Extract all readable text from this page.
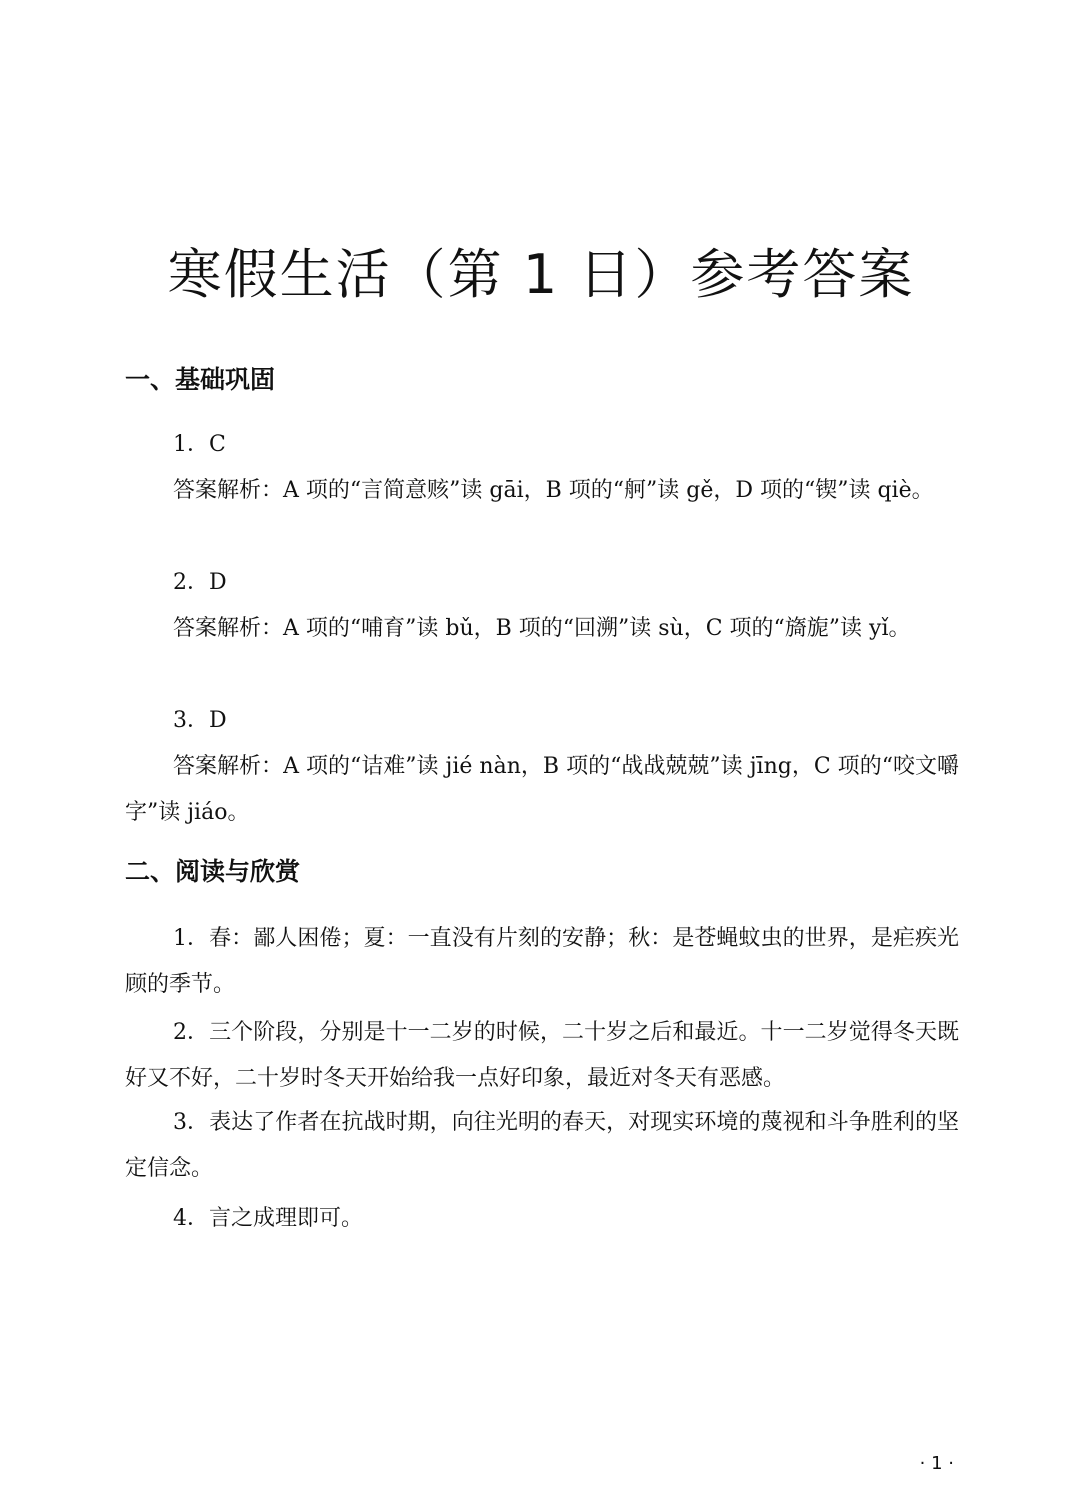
寒假生活（第 1 日）参考答案
一、基础巩固

1．C

答案解析：A 项的“言简意赅”读 gāi，B 项的“舸”读 gě，D 项的“锲”读 qiè。

2．D

答案解析：A 项的“哺育”读 bǔ，B 项的“回溯”读 sù，C 项的“旖旎”读 yǐ。

3．D

答案解析：A 项的“诘难”读 jié nàn，B 项的“战战兢兢”读 jīng，C 项的“咬文嚼字”读 jiáo。

二、阅读与欣赏

1．春：鄙人困倦；夏：一直没有片刻的安静；秋：是苍蝇蚊虫的世界，是疟疾光顾的季节。

2．三个阶段，分别是十一二岁的时候，二十岁之后和最近。十一二岁觉得冬天既好又不好，二十岁时冬天开始给我一点好印象，最近对冬天有恶感。

3．表达了作者在抗战时期，向往光明的春天，对现实环境的蔑视和斗争胜利的坚定信念。

4．言之成理即可。

· 1 ·
